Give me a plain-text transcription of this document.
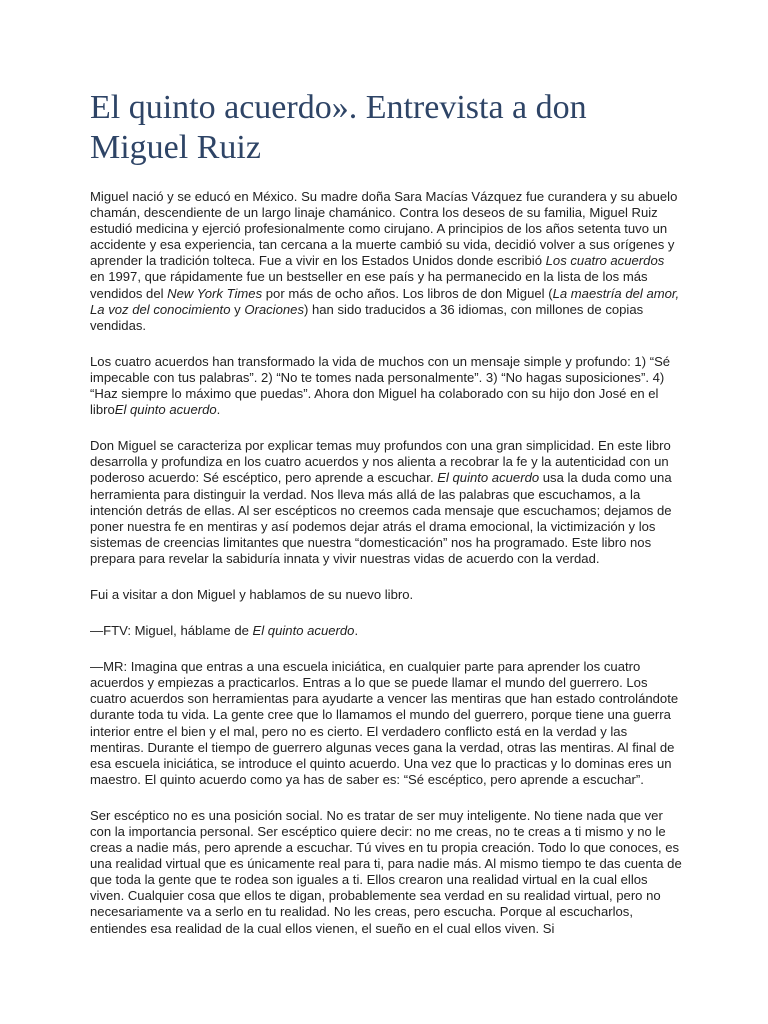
El quinto acuerdo». Entrevista a don Miguel Ruiz

Miguel nació y se educó en México. Su madre doña Sara Macías Vázquez fue curandera y su abuelo chamán, descendiente de un largo linaje chamánico. Contra los deseos de su familia, Miguel Ruiz estudió medicina y ejerció profesionalmente como cirujano. A principios de los años setenta tuvo un accidente y esa experiencia, tan cercana a la muerte cambió su vida, decidió volver a sus orígenes y aprender la tradición tolteca. Fue a vivir en los Estados Unidos donde escribió Los cuatro acuerdos en 1997, que rápidamente fue un bestseller en ese país y ha permanecido en la lista de los más vendidos del New York Times por más de ocho años. Los libros de don Miguel (La maestría del amor, La voz del conocimiento y Oraciones) han sido traducidos a 36 idiomas, con millones de copias vendidas.

Los cuatro acuerdos han transformado la vida de muchos con un mensaje simple y profundo: 1) “Sé impecable con tus palabras”. 2) “No te tomes nada personalmente”. 3) “No hagas suposiciones”. 4) “Haz siempre lo máximo que puedas”. Ahora don Miguel ha colaborado con su hijo don José en el libroEl quinto acuerdo.

Don Miguel se caracteriza por explicar temas muy profundos con una gran simplicidad. En este libro desarrolla y profundiza en los cuatro acuerdos y nos alienta a recobrar la fe y la autenticidad con un poderoso acuerdo: Sé escéptico, pero aprende a escuchar. El quinto acuerdo usa la duda como una herramienta para distinguir la verdad. Nos lleva más allá de las palabras que escuchamos, a la intención detrás de ellas. Al ser escépticos no creemos cada mensaje que escuchamos; dejamos de poner nuestra fe en mentiras y así podemos dejar atrás el drama emocional, la victimización y los sistemas de creencias limitantes que nuestra “domesticación” nos ha programado. Este libro nos prepara para revelar la sabiduría innata y vivir nuestras vidas de acuerdo con la verdad.

Fui a visitar a don Miguel y hablamos de su nuevo libro.

—FTV: Miguel, háblame de El quinto acuerdo.

—MR: Imagina que entras a una escuela iniciática, en cualquier parte para aprender los cuatro acuerdos y empiezas a practicarlos. Entras a lo que se puede llamar el mundo del guerrero. Los cuatro acuerdos son herramientas para ayudarte a vencer las mentiras que han estado controlándote durante toda tu vida. La gente cree que lo llamamos el mundo del guerrero, porque tiene una guerra interior entre el bien y el mal, pero no es cierto. El verdadero conflicto está en la verdad y las mentiras. Durante el tiempo de guerrero algunas veces gana la verdad, otras las mentiras. Al final de esa escuela iniciática, se introduce el quinto acuerdo. Una vez que lo practicas y lo dominas eres un maestro. El quinto acuerdo como ya has de saber es: “Sé escéptico, pero aprende a escuchar”.

Ser escéptico no es una posición social. No es tratar de ser muy inteligente. No tiene nada que ver con la importancia personal. Ser escéptico quiere decir: no me creas, no te creas a ti mismo y no le creas a nadie más, pero aprende a escuchar. Tú vives en tu propia creación. Todo lo que conoces, es una realidad virtual que es únicamente real para ti, para nadie más. Al mismo tiempo te das cuenta de que toda la gente que te rodea son iguales a ti. Ellos crearon una realidad virtual en la cual ellos viven. Cualquier cosa que ellos te digan, probablemente sea verdad en su realidad virtual, pero no necesariamente va a serlo en tu realidad. No les creas, pero escucha. Porque al escucharlos, entiendes esa realidad de la cual ellos vienen, el sueño en el cual ellos viven. Si
